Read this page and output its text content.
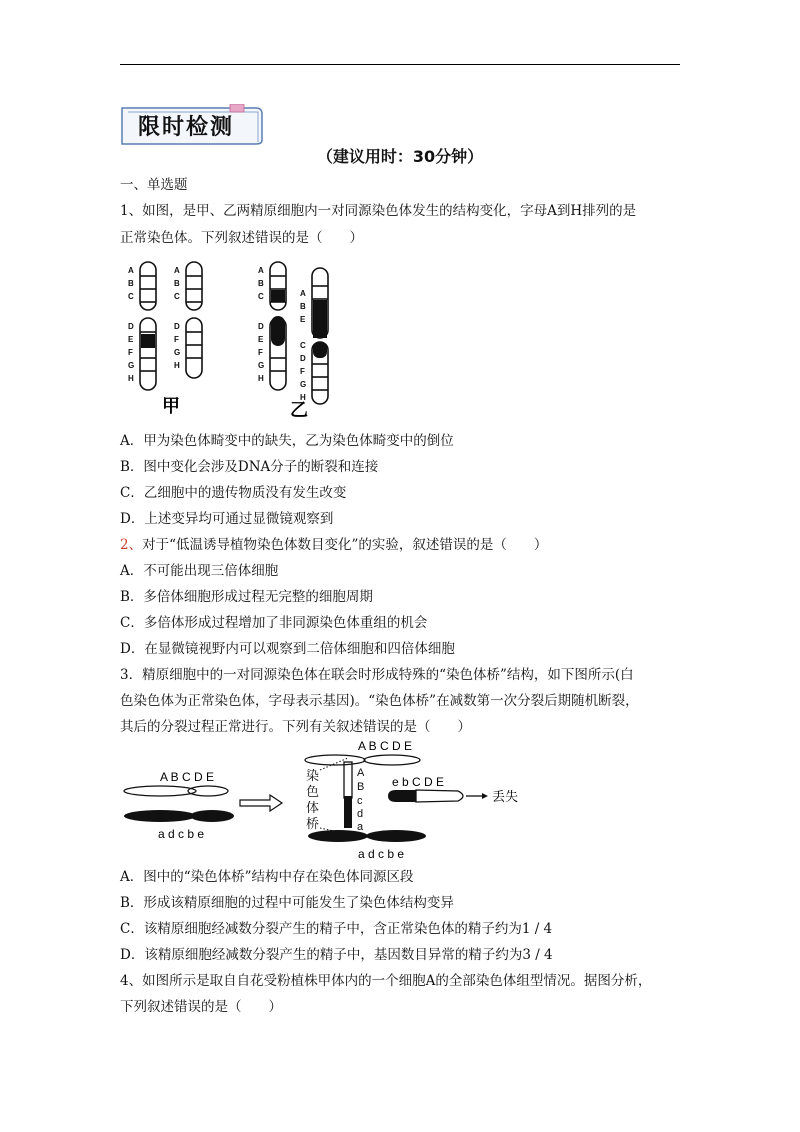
限时检测
（建议用时：30分钟）
一、单选题
1、如图，是甲、乙两精原细胞内一对同源染色体发生的结构变化，字母A到H排列的是
正常染色体。下列叙述错误的是（　　）
A
B
C
D
E
F
G
H
A
B
C
D
F
G
H
A
B
C
D
E
F
G
H
A
B
E
C
D
F
G
H
甲	乙
A．甲为染色体畸变中的缺失，乙为染色体畸变中的倒位
B．图中变化会涉及DNA分子的断裂和连接
C．乙细胞中的遗传物质没有发生改变
D．上述变异均可通过显微镜观察到
2、对于“低温诱导植物染色体数目变化”的实验，叙述错误的是（　　）
A．不可能出现三倍体细胞
B．多倍体细胞形成过程无完整的细胞周期
C．多倍体形成过程增加了非同源染色体重组的机会
D．在显微镜视野内可以观察到二倍体细胞和四倍体细胞
3．精原细胞中的一对同源染色体在联会时形成特殊的“染色体桥”结构，如下图所示(白
色染色体为正常染色体，字母表示基因)。“染色体桥”在减数第一次分裂后期随机断裂，
其后的分裂过程正常进行。下列有关叙述错误的是（　　）
A B C D E
a d c b e
染
色
体
桥
A B C D E
A
B
c
d
a
a d c b e
e b C D E
丢失
A．图中的“染色体桥”结构中存在染色体同源区段
B．形成该精原细胞的过程中可能发生了染色体结构变异
C．该精原细胞经减数分裂产生的精子中，含正常染色体的精子约为1 / 4
D．该精原细胞经减数分裂产生的精子中，基因数目异常的精子约为3 / 4
4、如图所示是取自自花受粉植株甲体内的一个细胞A的全部染色体组型情况。据图分析，
下列叙述错误的是（　　）
